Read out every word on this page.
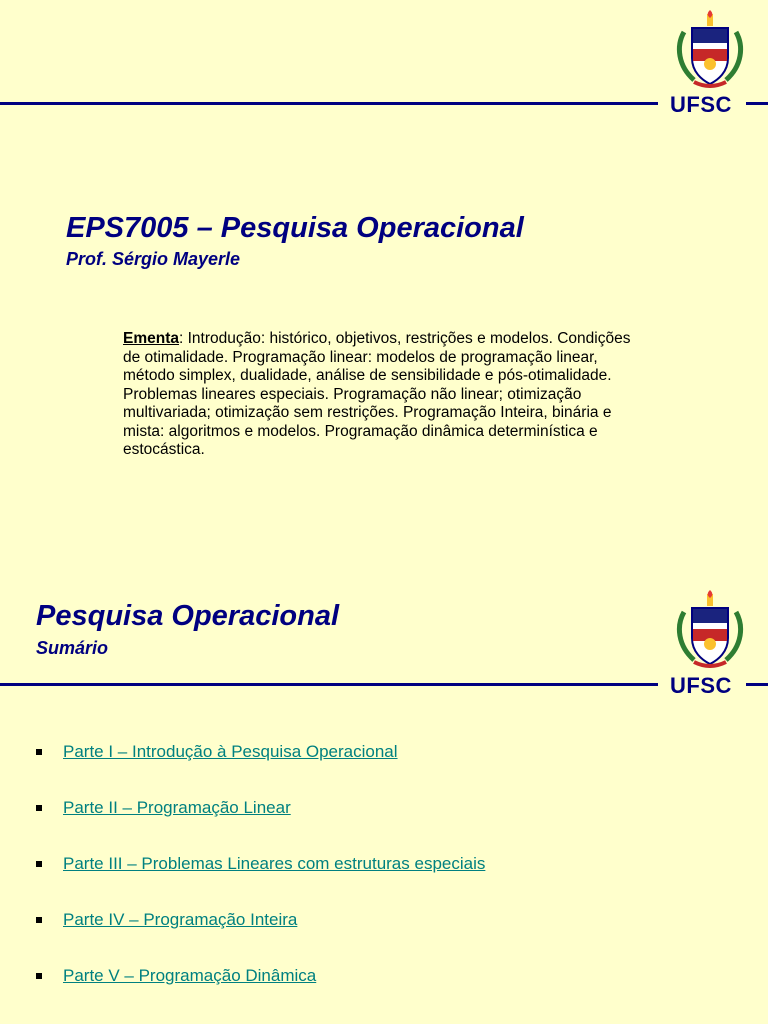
UFSC
EPS7005 – Pesquisa Operacional
Prof. Sérgio Mayerle
Ementa: Introdução: histórico, objetivos, restrições e modelos. Condições de otimalidade. Programação linear: modelos de programação linear, método simplex, dualidade, análise de sensibilidade e pós-otimalidade. Problemas lineares especiais. Programação não linear; otimização multivariada; otimização sem restrições. Programação Inteira, binária e mista: algoritmos e modelos. Programação dinâmica determinística e estocástica.
UFSC
Pesquisa Operacional
Sumário
Parte I – Introdução à Pesquisa Operacional
Parte II – Programação Linear
Parte III – Problemas Lineares com estruturas especiais
Parte IV – Programação Inteira
Parte V – Programação Dinâmica
